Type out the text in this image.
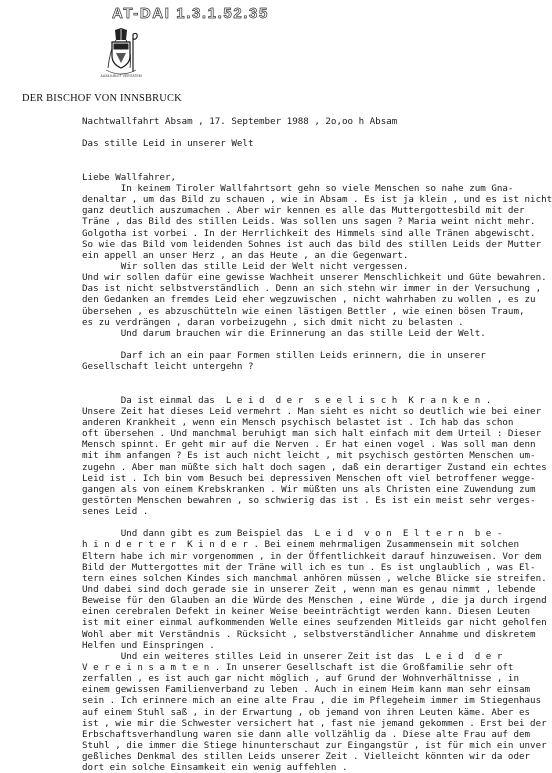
AT-DAI 1.3.1.52.35
AUXILIUM ET VERITATEM
DER BISCHOF VON INNSBRUCK
Nachtwallfahrt Absam , 17. September 1988 , 2o,oo h Absam
Das stille Leid in unserer Welt
Liebe Wallfahrer,
In keinem Tiroler Wallfahrtsort gehn so viele Menschen so nahe zum Gna-
denaltar , um das Bild zu schauen , wie in Absam . Es ist ja klein , und es ist nicht
ganz deutlich auszumachen . Aber wir kennen es alle das Muttergottesbild mit der
Träne , das Bild des stillen Leids. Was sollen uns sagen ? Maria weint nicht mehr.
Golgotha ist vorbei . In der Herrlichkeit des Himmels sind alle Tränen abgewischt.
So wie das Bild vom leidenden Sohnes ist auch das bild des stillen Leids der Mutter
ein appell an unser Herz , an das Heute , an die Gegenwart.
Wir sollen das stille Leid der Welt nicht vergessen.
Und wir sollen dafür eine gewisse Wachheit unserer Menschlichkeit und Güte bewahren.
Das ist nicht selbstverständlich . Denn an sich stehn wir immer in der Versuchung ,
den Gedanken an fremdes Leid eher wegzuwischen , nicht wahrhaben zu wollen , es zu
übersehen , es abzuschütteln wie einen lästigen Bettler , wie einen bösen Traum,
es zu verdrängen , daran vorbeizugehn , sich dmit nicht zu belasten .
Und darum brauchen wir die Erinnerung an das stille Leid der Welt.
Darf ich an ein paar Formen stillen Leids erinnern, die in unserer
Gesellschaft leicht untergehn ?
Da ist einmal das  L e i d  d e r  s e e l i s c h  K r a n k e n .
Unsere Zeit hat dieses Leid vermehrt . Man sieht es nicht so deutlich wie bei einer
anderen Krankheit , wenn ein Mensch psychisch belastet ist . Ich hab das schon
oft übersehen . Und manchmal beruhigt man sich halt einfach mit dem Urteil : Dieser
Mensch spinnt. Er geht mir auf die Nerven . Er hat einen vogel . Was soll man denn
mit ihm anfangen ? Es ist auch nicht leicht , mit psychisch gestörten Menschen um-
zugehn . Aber man müßte sich halt doch sagen , daß ein derartiger Zustand ein echtes
Leid ist . Ich bin vom Besuch bei depressiven Menschen oft viel betroffener wegge-
gangen als von einem Krebskranken . Wir müßten uns als Christen eine Zuwendung zum
gestörten Menschen bewahren , so schwierig das ist . Es ist ein meist sehr verges-
senes Leid .
Und dann gibt es zum Beispiel das  L e i d  v o n  E l t e r n  b e -
h i n d e r t e r  K i n d e r . Bei einem mehrmaligen Zusammensein mit solchen
Eltern habe ich mir vorgenommen , in der Öffentlichkeit darauf hinzuweisen. Vor dem
Bild der Muttergottes mit der Träne will ich es tun . Es ist unglaublich , was El-
tern eines solchen Kindes sich manchmal anhören müssen , welche Blicke sie streifen.
Und dabei sind doch gerade sie in unserer Zeit , wenn man es genau nimmt , lebende
Beweise für den Glauben an die Würde des Menschen , eine Würde , die ja durch irgend
einen cerebralen Defekt in keiner Weise beeinträchtigt werden kann. Diesen Leuten
ist mit einer einmal aufkommenden Welle eines seufzenden Mitleids gar nicht geholfen
Wohl aber mit Verständnis . Rücksicht , selbstverständlicher Annahme und diskretem
Helfen und Einspringen .
Und ein weiteres stilles Leid in unserer Zeit ist das  L e i d  d e r
V e r e i n s a m t e n . In unserer Gesellschaft ist die Großfamilie sehr oft
zerfallen , es ist auch gar nicht möglich , auf Grund der Wohnverhältnisse , in
einem gewissen Familienverband zu leben . Auch in einem Heim kann man sehr einsam
sein . Ich erinnere mich an eine alte Frau , die im Pflegeheim immer im Stiegenhaus
auf einem Stuhl saß , in der Erwartung , ob jemand von ihren Leuten käme. Aber es
ist , wie mir die Schwester versichert hat , fast nie jemand gekommen . Erst bei der
Erbschaftsverhandlung waren sie dann alle vollzählig da . Diese alte Frau auf dem
Stuhl , die immer die Stiege hinunterschaut zur Eingangstür , ist für mich ein unver
geßliches Denkmal des stillen Leids unserer Zeit . Vielleicht könnten wir da oder
dort ein solche Einsamkeit ein wenig auffehlen .
